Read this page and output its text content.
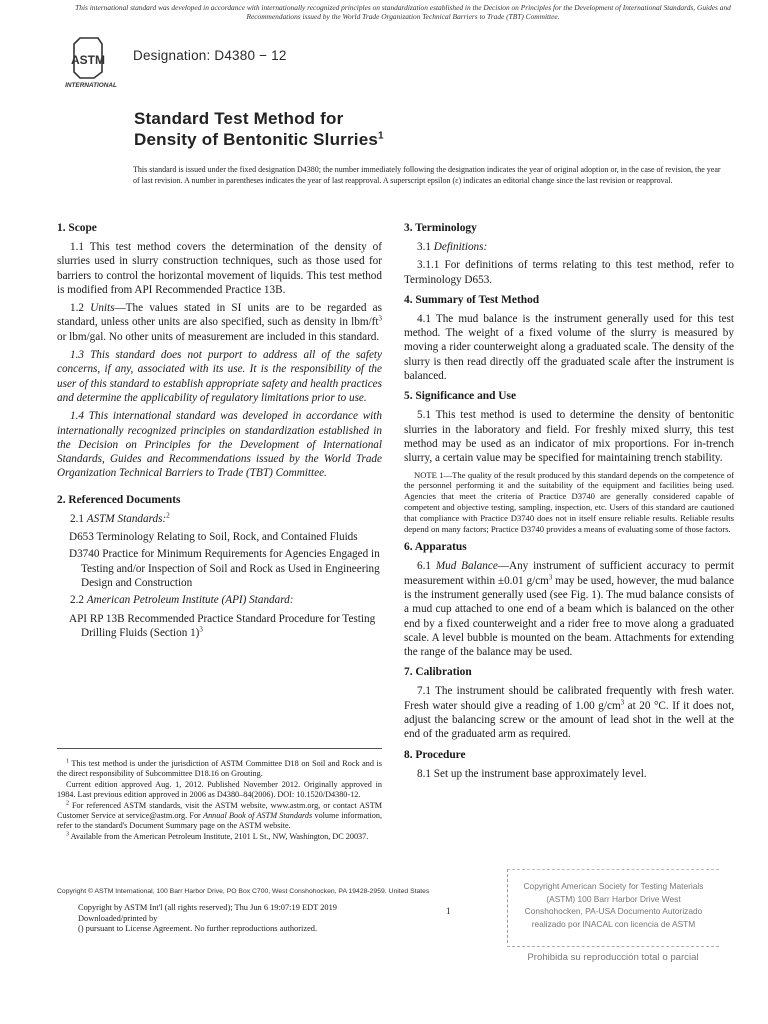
This international standard was developed in accordance with internationally recognized principles on standardization established in the Decision on Principles for the Development of International Standards, Guides and Recommendations issued by the World Trade Organization Technical Barriers to Trade (TBT) Committee.
ASTM
INTERNATIONAL
Designation: D4380 − 12
Standard Test Method for
Density of Bentonitic Slurries$^1$
This standard is issued under the fixed designation D4380; the number immediately following the designation indicates the year of original adoption or, in the case of revision, the year of last revision. A number in parentheses indicates the year of last reapproval. A superscript epsilon (ε) indicates an editorial change since the last revision or reapproval.
1. Scope
1.1 This test method covers the determination of the density of slurries used in slurry construction techniques, such as those used for barriers to control the horizontal movement of liquids. This test method is modified from API Recommended Practice 13B.
1.2 Units—The values stated in SI units are to be regarded as standard, unless other units are also specified, such as density in lbm/$ft^3$ or lbm/gal. No other units of measurement are included in this standard.
1.3 This standard does not purport to address all of the safety concerns, if any, associated with its use. It is the responsibility of the user of this standard to establish appropriate safety and health practices and determine the applicability of regulatory limitations prior to use.
1.4 This international standard was developed in accordance with internationally recognized principles on standardization established in the Decision on Principles for the Development of International Standards, Guides and Recommendations issued by the World Trade Organization Technical Barriers to Trade (TBT) Committee.
2. Referenced Documents
2.1 ASTM Standards:$^2$
D653 Terminology Relating to Soil, Rock, and Contained Fluids
D3740 Practice for Minimum Requirements for Agencies Engaged in Testing and/or Inspection of Soil and Rock as Used in Engineering Design and Construction
2.2 American Petroleum Institute (API) Standard:
API RP 13B Recommended Practice Standard Procedure for Testing Drilling Fluids (Section 1)$^3$
3. Terminology
3.1 Definitions:
3.1.1 For definitions of terms relating to this test method, refer to Terminology D653.
4. Summary of Test Method
4.1 The mud balance is the instrument generally used for this test method. The weight of a fixed volume of the slurry is measured by moving a rider counterweight along a graduated scale. The density of the slurry is then read directly off the graduated scale after the instrument is balanced.
5. Significance and Use
5.1 This test method is used to determine the density of bentonitic slurries in the laboratory and field. For freshly mixed slurry, this test method may be used as an indicator of mix proportions. For in-trench slurry, a certain value may be specified for maintaining trench stability.
NOTE 1—The quality of the result produced by this standard depends on the competence of the personnel performing it and the suitability of the equipment and facilities being used. Agencies that meet the criteria of Practice D3740 are generally considered capable of competent and objective testing, sampling, inspection, etc. Users of this standard are cautioned that compliance with Practice D3740 does not in itself ensure reliable results. Reliable results depend on many factors; Practice D3740 provides a means of evaluating some of those factors.
6. Apparatus
6.1 Mud Balance—Any instrument of sufficient accuracy to permit measurement within ±0.01 $g/cm^3$ may be used, however, the mud balance is the instrument generally used (see Fig. 1). The mud balance consists of a mud cup attached to one end of a beam which is balanced on the other end by a fixed counterweight and a rider free to move along a graduated scale. A level bubble is mounted on the beam. Attachments for extending the range of the balance may be used.
7. Calibration
7.1 The instrument should be calibrated frequently with fresh water. Fresh water should give a reading of 1.00 $g/cm^3$ at 20 °C. If it does not, adjust the balancing screw or the amount of lead shot in the well at the end of the graduated arm as required.
8. Procedure
8.1 Set up the instrument base approximately level.
$^1$ This test method is under the jurisdiction of ASTM Committee D18 on Soil and Rock and is the direct responsibility of Subcommittee D18.16 on Grouting.
Current edition approved Aug. 1, 2012. Published November 2012. Originally approved in 1984. Last previous edition approved in 2006 as D4380–84(2006). DOI: 10.1520/D4380-12.
$^2$ For referenced ASTM standards, visit the ASTM website, www.astm.org, or contact ASTM Customer Service at service@astm.org. For Annual Book of ASTM Standards volume information, refer to the standard's Document Summary page on the ASTM website.
$^3$ Available from the American Petroleum Institute, 2101 L St., NW, Washington, DC 20037.
Copyright © ASTM International, 100 Barr Harbor Drive, PO Box C700, West Conshohocken, PA 19428-2959. United States
Copyright by ASTM Int'l (all rights reserved); Thu Jun 6 19:07:19 EDT 2019
Downloaded/printed by
() pursuant to License Agreement. No further reproductions authorized.
1
Copyright American Society for Testing Materials
(ASTM) 100 Barr Harbor Drive West
Conshohocken, PA-USA Documento Autorizado
realizado por INACAL con licencia de ASTM
Prohibida su reproducción total o parcial
